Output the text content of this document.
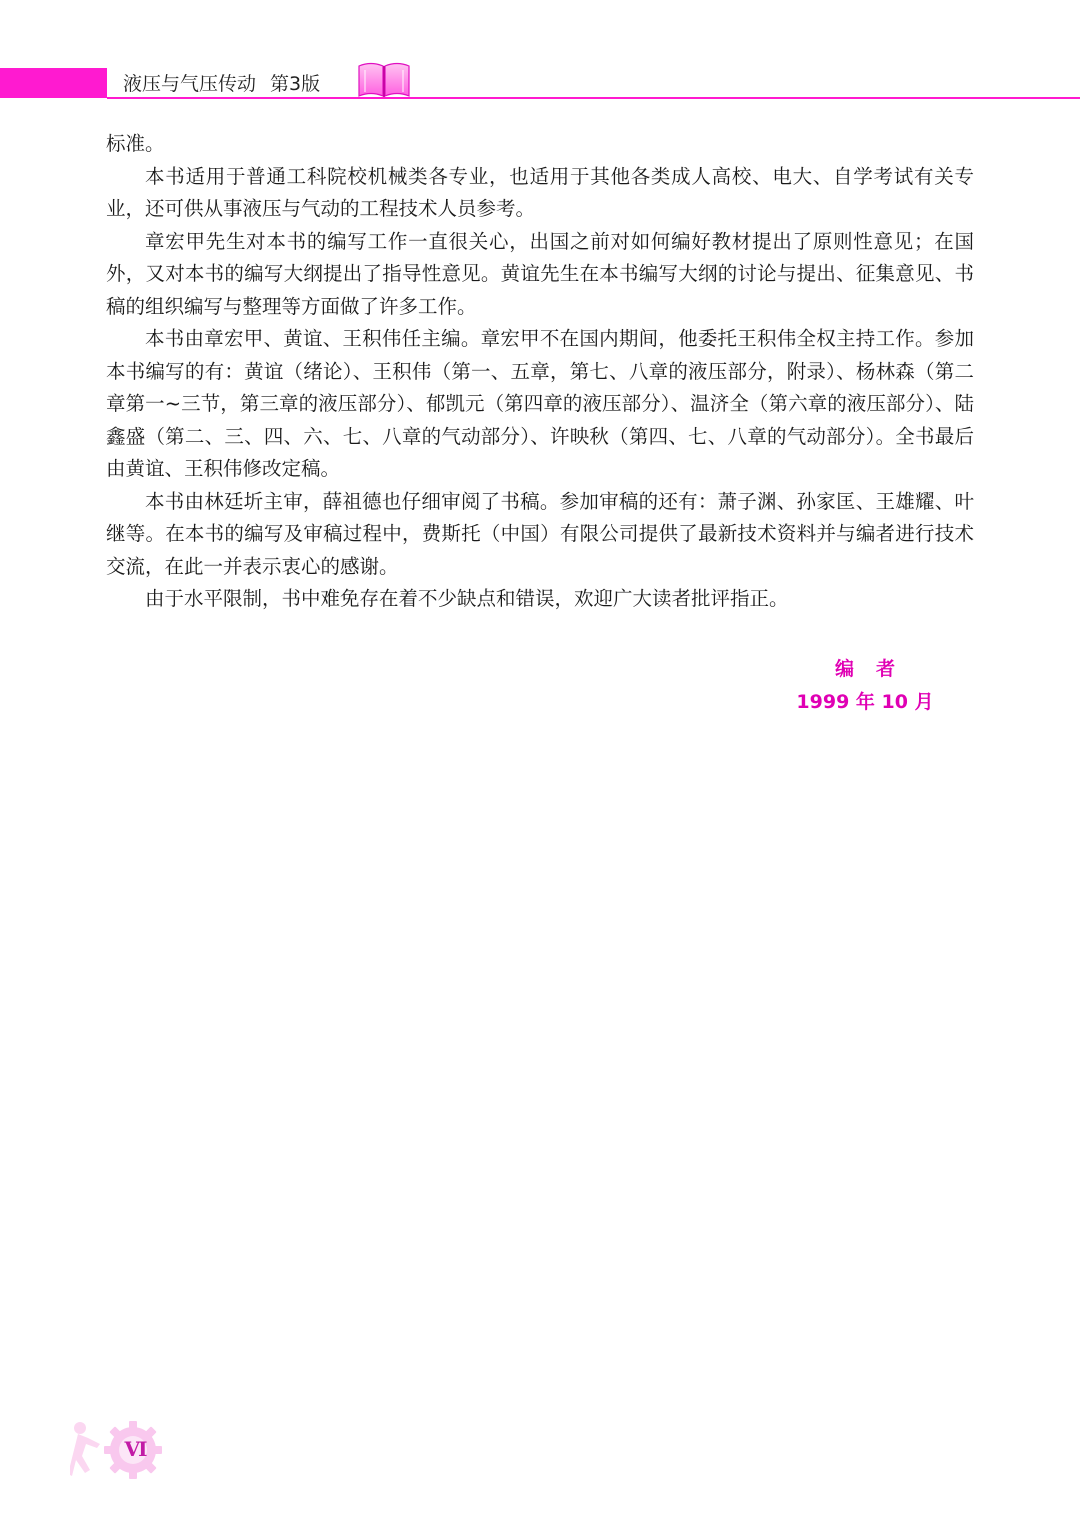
液压与气压传动 第3版

标准。

本书适用于普通工科院校机械类各专业，也适用于其他各类成人高校、电大、自学考试有关专业，还可供从事液压与气动的工程技术人员参考。

章宏甲先生对本书的编写工作一直很关心，出国之前对如何编好教材提出了原则性意见；在国外，又对本书的编写大纲提出了指导性意见。黄谊先生在本书编写大纲的讨论与提出、征集意见、书稿的组织编写与整理等方面做了许多工作。

本书由章宏甲、黄谊、王积伟任主编。章宏甲不在国内期间，他委托王积伟全权主持工作。参加本书编写的有：黄谊（绪论）、王积伟（第一、五章，第七、八章的液压部分，附录）、杨林森（第二章第一~三节，第三章的液压部分）、郁凯元（第四章的液压部分）、温济全（第六章的液压部分）、陆鑫盛（第二、三、四、六、七、八章的气动部分）、许映秋（第四、七、八章的气动部分）。全书最后由黄谊、王积伟修改定稿。

本书由林廷圻主审，薛祖德也仔细审阅了书稿。参加审稿的还有：萧子渊、孙家匡、王雄耀、叶继等。在本书的编写及审稿过程中，费斯托（中国）有限公司提供了最新技术资料并与编者进行技术交流，在此一并表示衷心的感谢。

由于水平限制，书中难免存在着不少缺点和错误，欢迎广大读者批评指正。

编者
1999 年 10 月
Ⅵ
